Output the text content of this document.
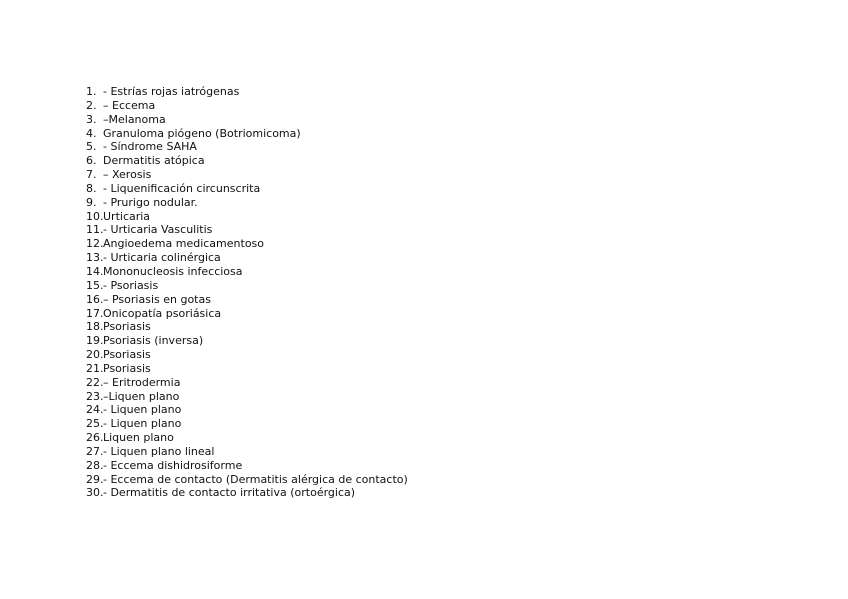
1. - Estrías rojas iatrógenas
2. – Eccema
3. –Melanoma
4. Granuloma piógeno (Botriomicoma)
5. - Síndrome SAHA
6. Dermatitis atópica
7. – Xerosis
8. - Liquenificación circunscrita
9. - Prurigo nodular.
10. Urticaria
11. - Urticaria Vasculitis
12. Angioedema medicamentoso
13. - Urticaria colinérgica
14. Mononucleosis infecciosa
15. - Psoriasis
16. – Psoriasis en gotas
17. Onicopatía psoriásica
18. Psoriasis
19. Psoriasis (inversa)
20. Psoriasis
21. Psoriasis
22. – Eritrodermia
23. –Liquen plano
24. - Liquen plano
25. - Liquen plano
26. Liquen plano
27. - Liquen plano lineal
28. - Eccema dishidrosiforme
29. - Eccema de contacto (Dermatitis alérgica de contacto)
30. - Dermatitis de contacto irritativa (ortoérgica)
